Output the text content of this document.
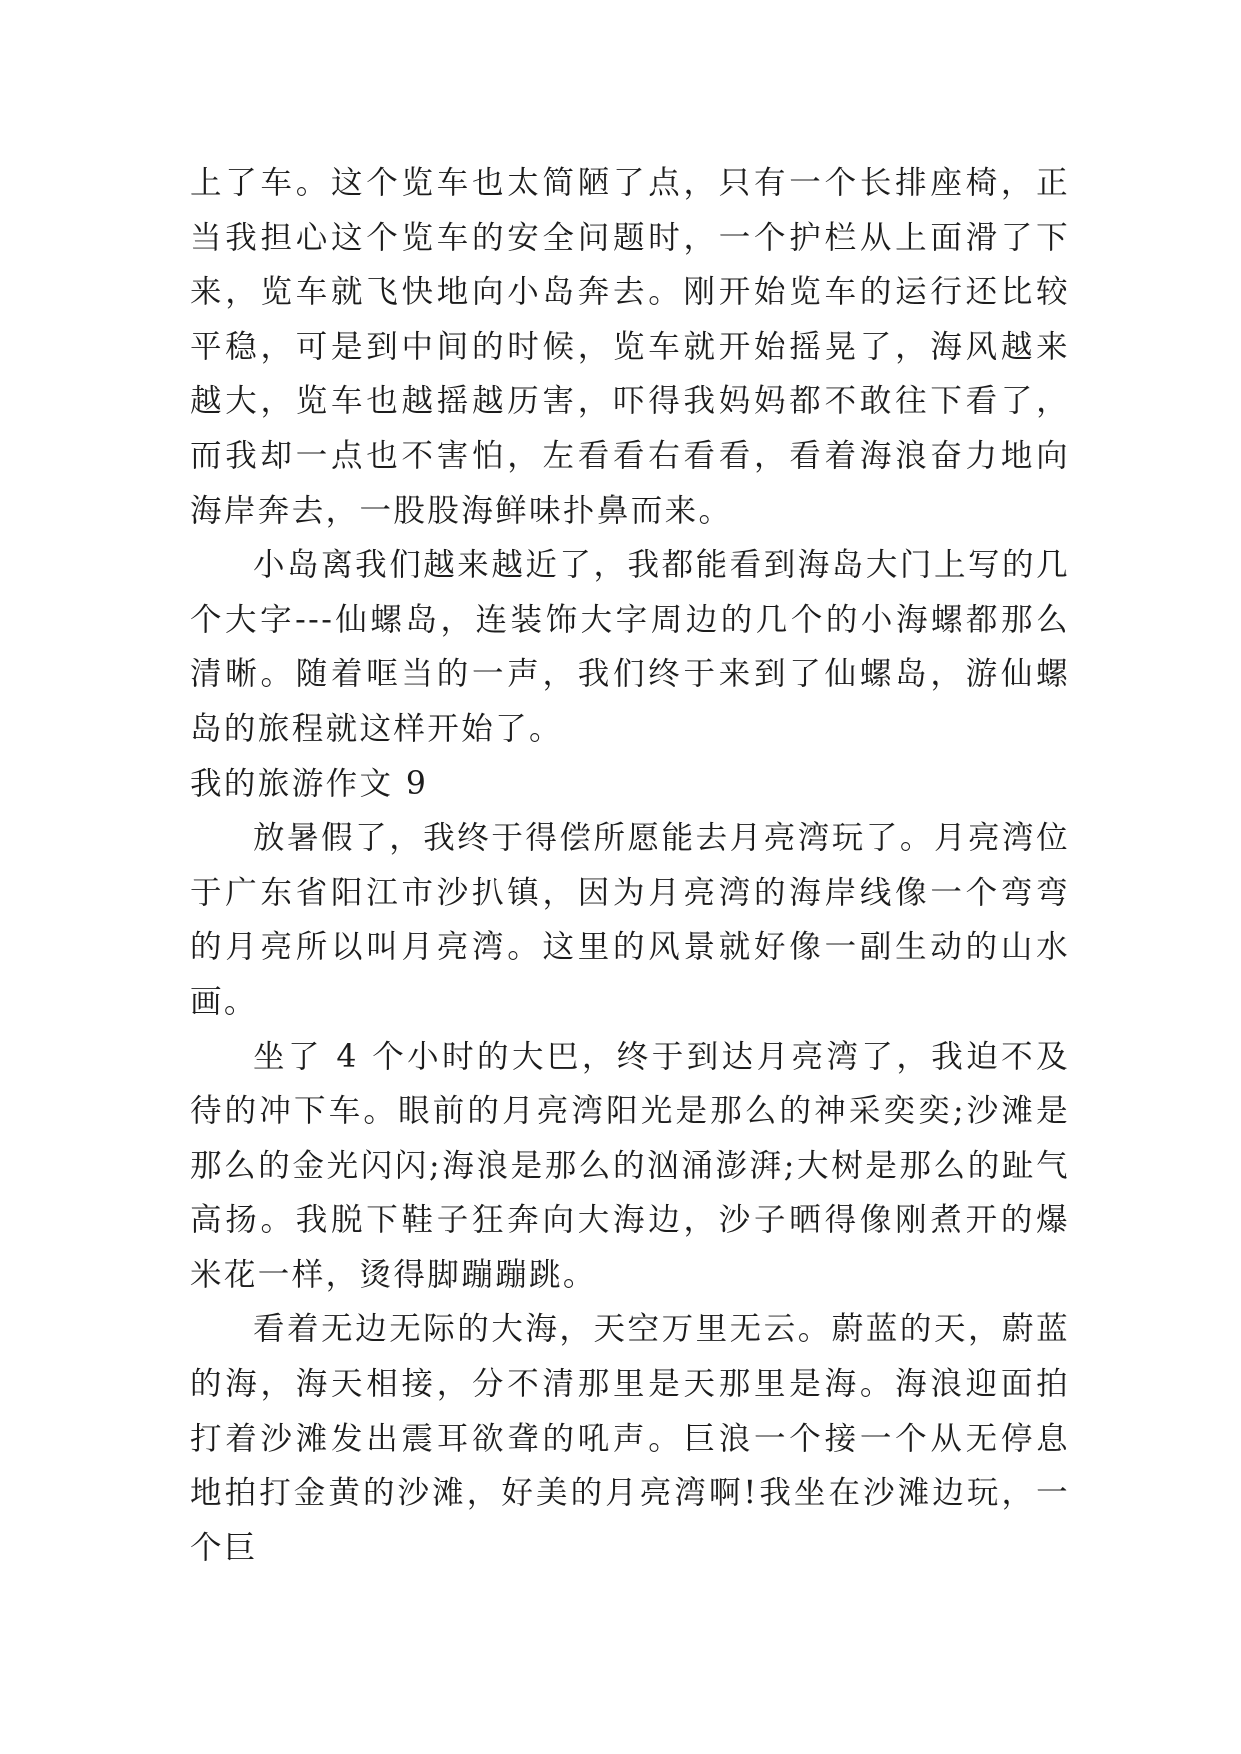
上了车。这个览车也太简陋了点，只有一个长排座椅，正当我担心这个览车的安全问题时，一个护栏从上面滑了下来，览车就飞快地向小岛奔去。刚开始览车的运行还比较平稳，可是到中间的时候，览车就开始摇晃了，海风越来越大，览车也越摇越历害，吓得我妈妈都不敢往下看了，而我却一点也不害怕，左看看右看看，看着海浪奋力地向海岸奔去，一股股海鲜味扑鼻而来。

小岛离我们越来越近了，我都能看到海岛大门上写的几个大字---仙螺岛，连装饰大字周边的几个的小海螺都那么清晰。随着哐当的一声，我们终于来到了仙螺岛，游仙螺岛的旅程就这样开始了。

我的旅游作文 9

放暑假了，我终于得偿所愿能去月亮湾玩了。月亮湾位于广东省阳江市沙扒镇，因为月亮湾的海岸线像一个弯弯的月亮所以叫月亮湾。这里的风景就好像一副生动的山水画。

坐了 4 个小时的大巴，终于到达月亮湾了，我迫不及待的冲下车。眼前的月亮湾阳光是那么的神采奕奕;沙滩是那么的金光闪闪;海浪是那么的汹涌澎湃;大树是那么的趾气高扬。我脱下鞋子狂奔向大海边，沙子晒得像刚煮开的爆米花一样，烫得脚蹦蹦跳。

看着无边无际的大海，天空万里无云。蔚蓝的天，蔚蓝的海，海天相接，分不清那里是天那里是海。海浪迎面拍打着沙滩发出震耳欲聋的吼声。巨浪一个接一个从无停息地拍打金黄的沙滩，好美的月亮湾啊!我坐在沙滩边玩，一个巨
